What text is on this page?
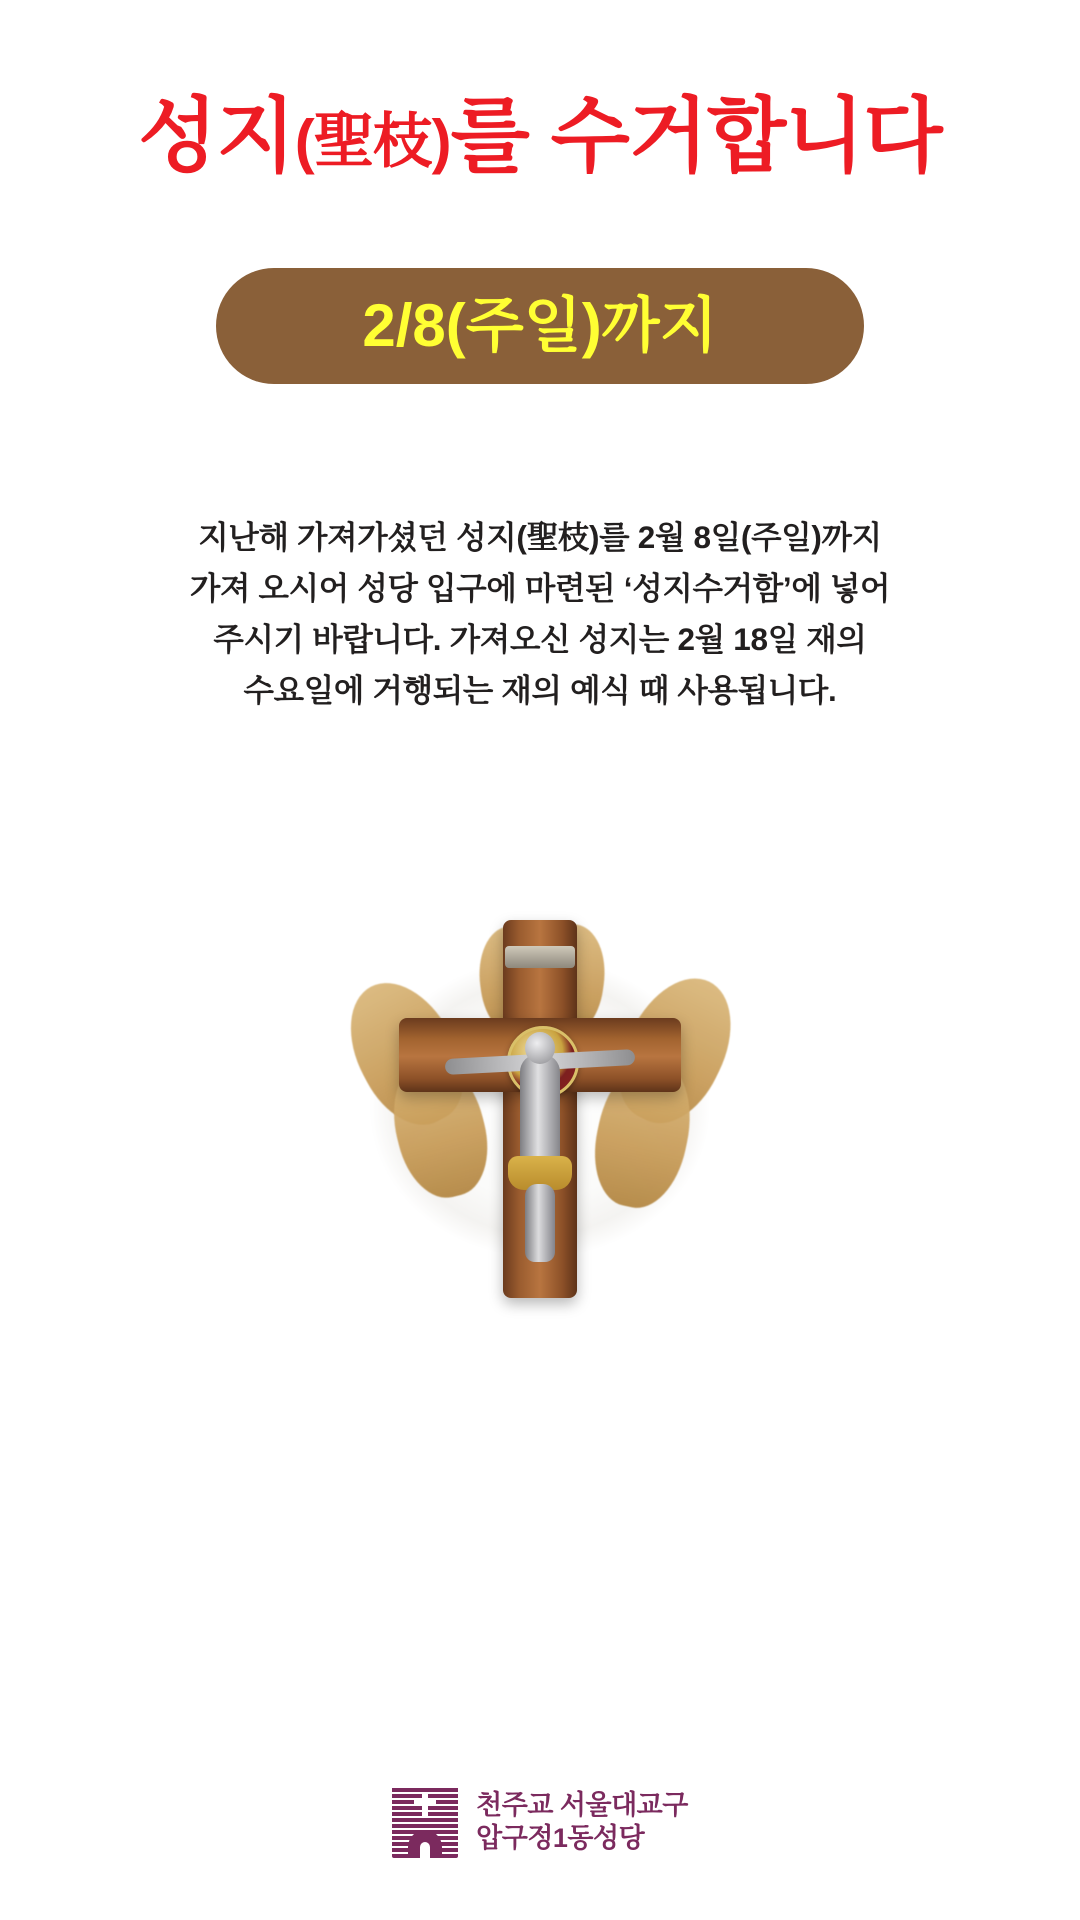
성지(聖枝)를 수거합니다
2/8(주일)까지

지난해 가져가셨던 성지(聖枝)를 2월 8일(주일)까지

가져 오시어 성당 입구에 마련된 ‘성지수거함’에 넣어

주시기 바랍니다. 가져오신 성지는 2월 18일 재의

수요일에 거행되는 재의 예식 때 사용됩니다.

천주교 서울대교구
압구정1동성당
